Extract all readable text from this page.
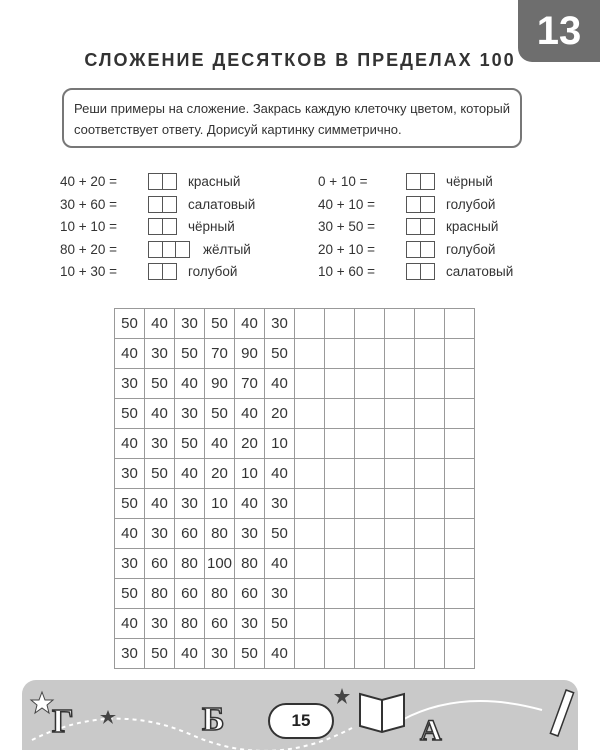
13
СЛОЖЕНИЕ ДЕСЯТКОВ В ПРЕДЕЛАХ 100
Реши примеры на сложение. Закрась каждую клеточку цветом, который соответствует ответу. Дорисуй картинку симметрично.
40 + 20 =	красный
30 + 60 =	салатовый
10 + 10 =	чёрный
80 + 20 =	жёлтый
10 + 30 =	голубой
0 + 10 =	чёрный
40 + 10 =	голубой
30 + 50 =	красный
20 + 10 =	голубой
10 + 60 =	салатовый
50	40	30	50	40	30						
40	30	50	70	90	50						
30	50	40	90	70	40						
50	40	30	50	40	20						
40	30	50	40	20	10						
30	50	40	20	10	40						
50	40	30	10	40	30						
40	30	60	80	30	50						
30	60	80	100	80	40						
50	80	60	80	60	30						
40	30	80	60	30	50						
30	50	40	30	50	40						
Г	Б	А
15
